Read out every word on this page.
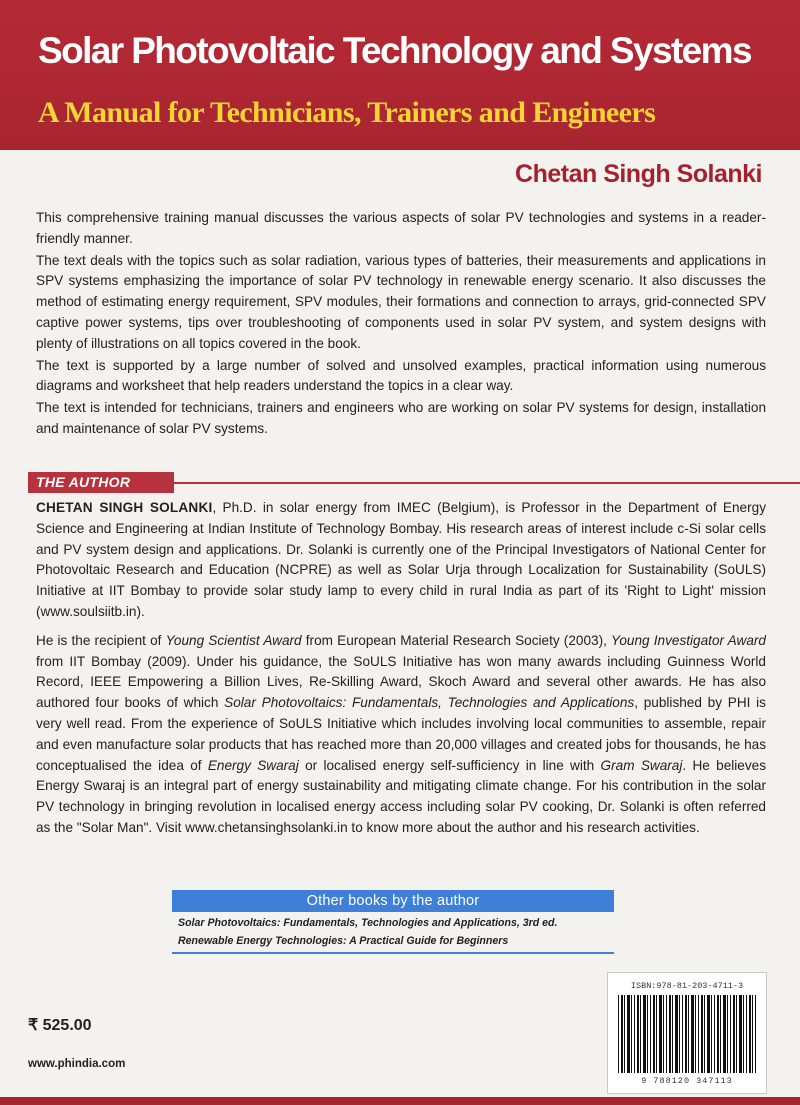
Solar Photovoltaic Technology and Systems
A Manual for Technicians, Trainers and Engineers
Chetan Singh Solanki

This comprehensive training manual discusses the various aspects of solar PV technologies and systems in a reader-friendly manner.

The text deals with the topics such as solar radiation, various types of batteries, their measurements and applications in SPV systems emphasizing the importance of solar PV technology in renewable energy scenario. It also discusses the method of estimating energy requirement, SPV modules, their formations and connection to arrays, grid-connected SPV captive power systems, tips over troubleshooting of components used in solar PV system, and system designs with plenty of illustrations on all topics covered in the book.

The text is supported by a large number of solved and unsolved examples, practical information using numerous diagrams and worksheet that help readers understand the topics in a clear way.

The text is intended for technicians, trainers and engineers who are working on solar PV systems for design, installation and maintenance of solar PV systems.

THE AUTHOR

CHETAN SINGH SOLANKI, Ph.D. in solar energy from IMEC (Belgium), is Professor in the Department of Energy Science and Engineering at Indian Institute of Technology Bombay. His research areas of interest include c-Si solar cells and PV system design and applications. Dr. Solanki is currently one of the Principal Investigators of National Center for Photovoltaic Research and Education (NCPRE) as well as Solar Urja through Localization for Sustainability (SoULS) Initiative at IIT Bombay to provide solar study lamp to every child in rural India as part of its 'Right to Light' mission (www.soulsiitb.in).

He is the recipient of Young Scientist Award from European Material Research Society (2003), Young Investigator Award from IIT Bombay (2009). Under his guidance, the SoULS Initiative has won many awards including Guinness World Record, IEEE Empowering a Billion Lives, Re-Skilling Award, Skoch Award and several other awards. He has also authored four books of which Solar Photovoltaics: Fundamentals, Technologies and Applications, published by PHI is very well read. From the experience of SoULS Initiative which includes involving local communities to assemble, repair and even manufacture solar products that has reached more than 20,000 villages and created jobs for thousands, he has conceptualised the idea of Energy Swaraj or localised energy self-sufficiency in line with Gram Swaraj. He believes Energy Swaraj is an integral part of energy sustainability and mitigating climate change. For his contribution in the solar PV technology in bringing revolution in localised energy access including solar PV cooking, Dr. Solanki is often referred as the "Solar Man". Visit www.chetansinghsolanki.in to know more about the author and his research activities.

Other books by the author
Solar Photovoltaics: Fundamentals, Technologies and Applications, 3rd ed.
Renewable Energy Technologies: A Practical Guide for Beginners
₹ 525.00
www.phindia.com
ISBN:978-81-203-4711-3
9 788120 347113
